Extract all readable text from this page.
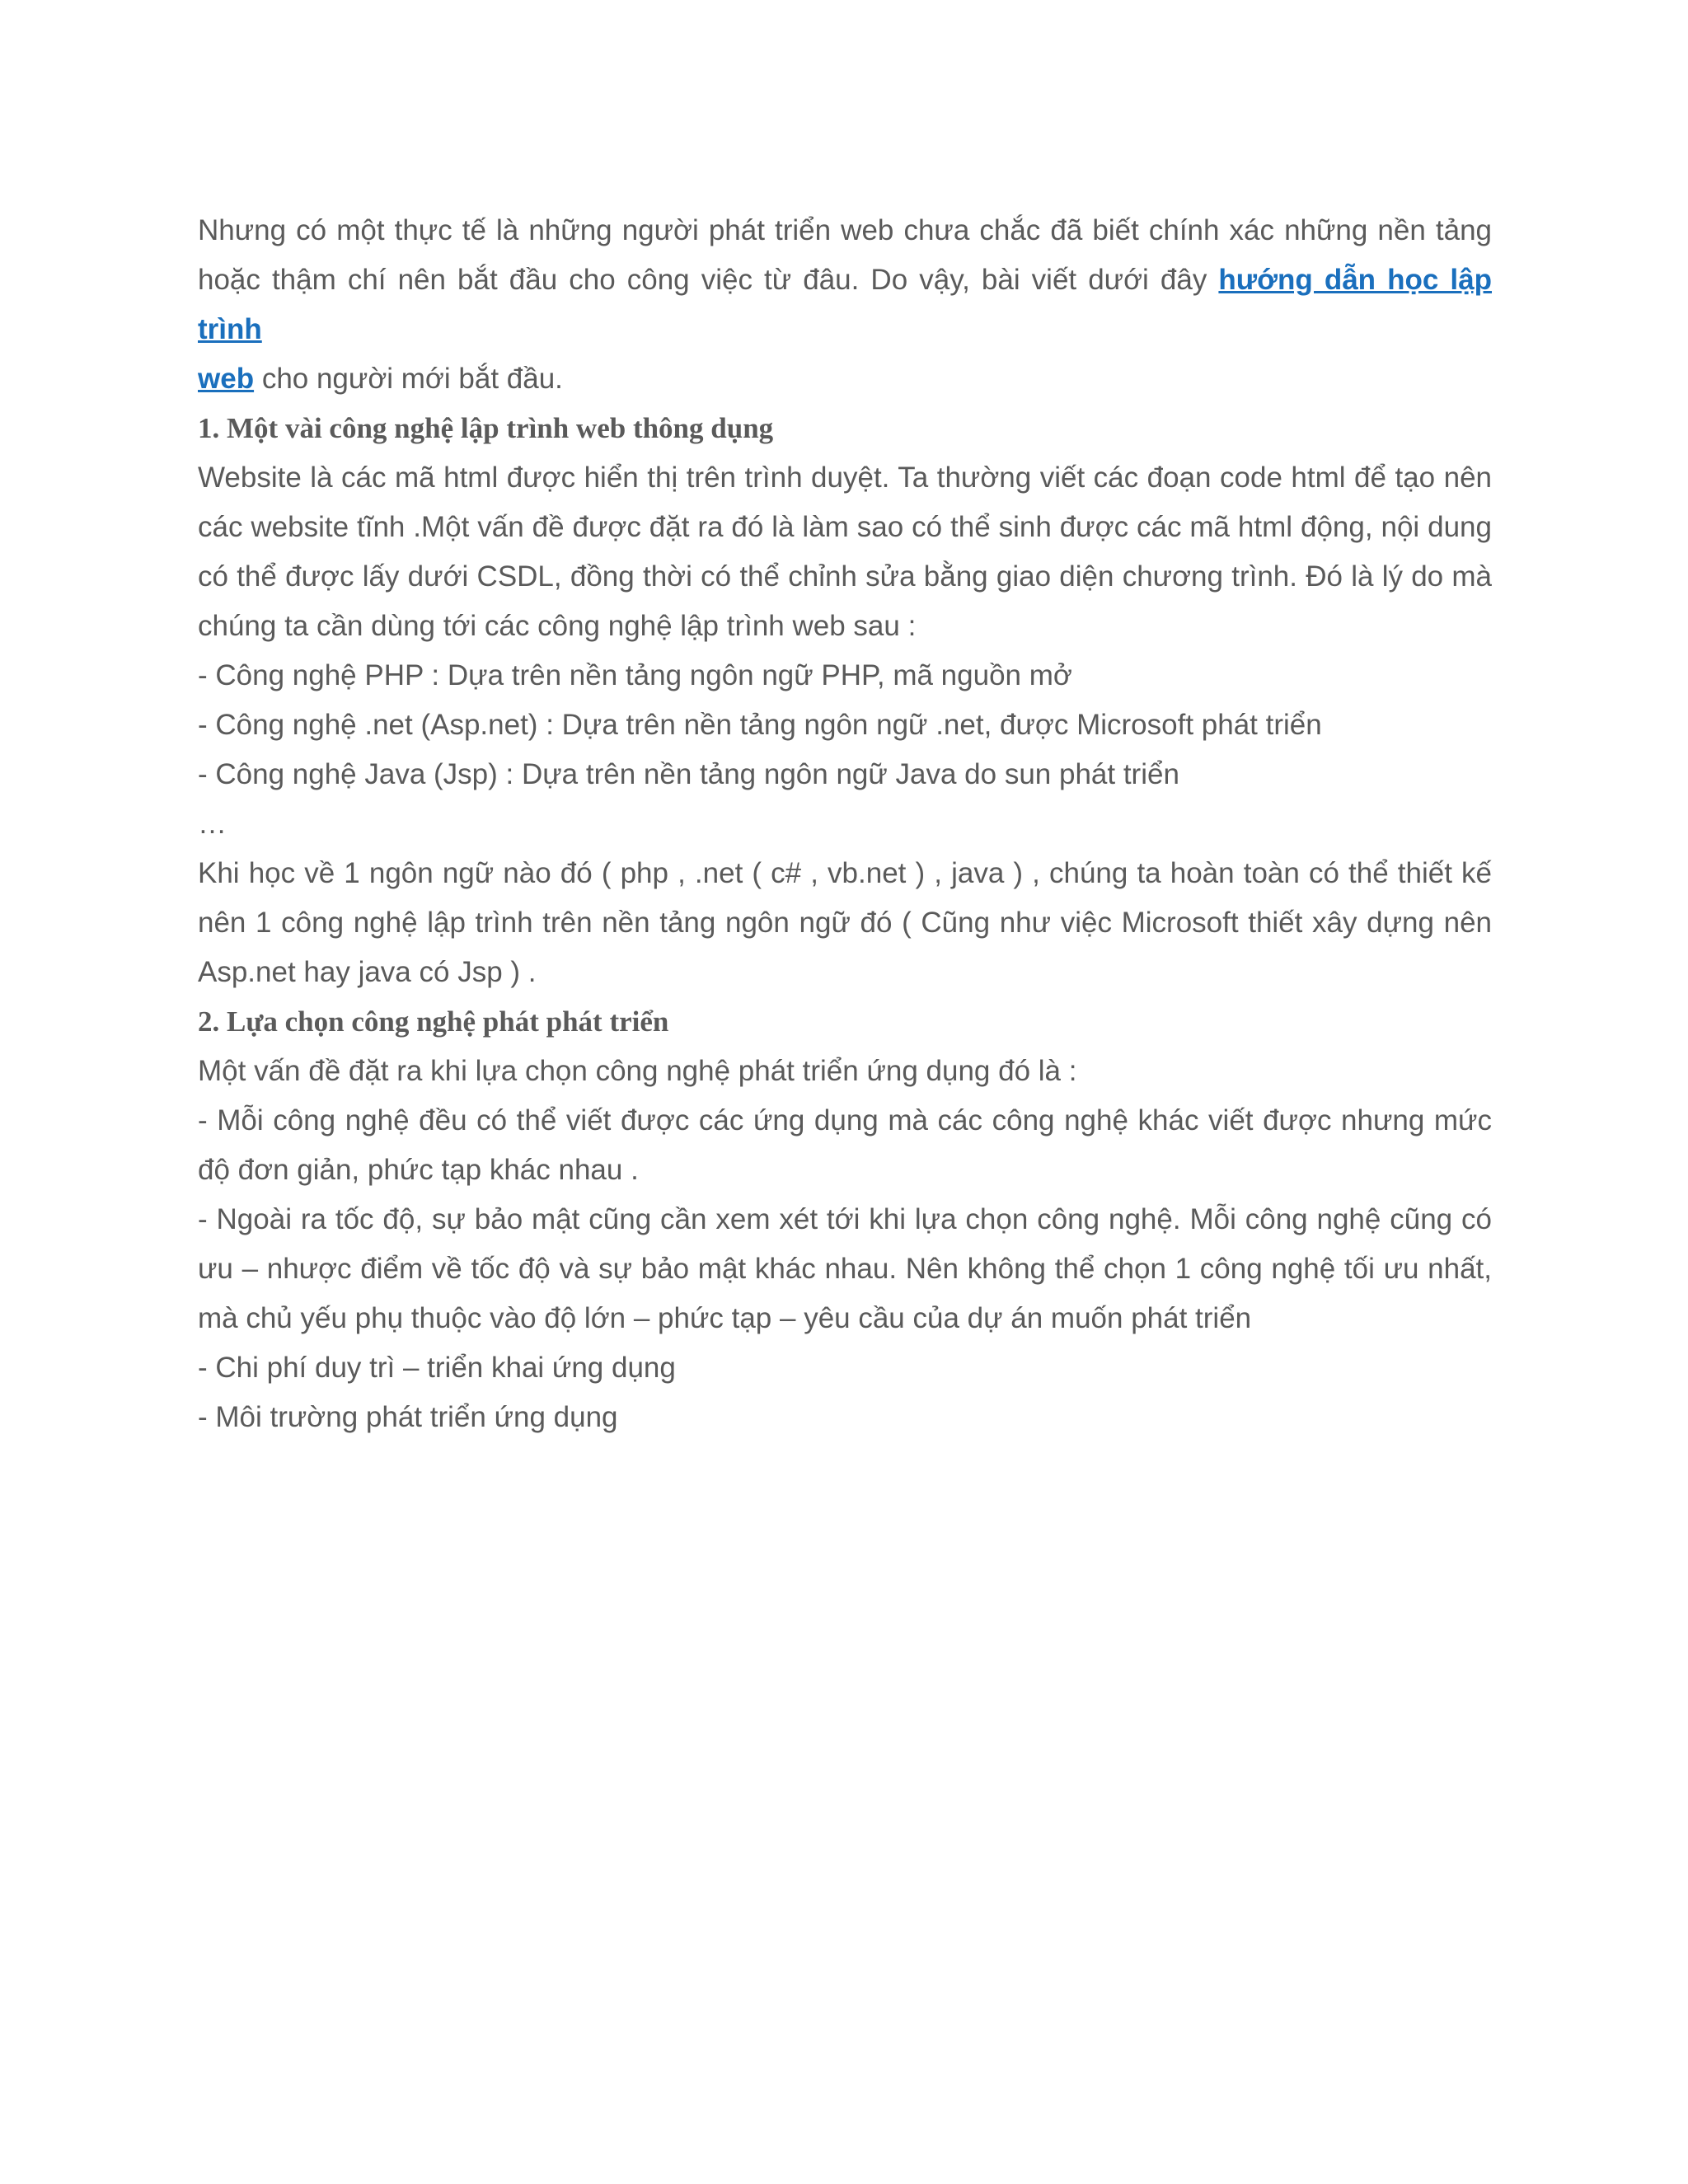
Nhưng có một thực tế là những người phát triển web chưa chắc đã biết chính xác những nền tảng
hoặc thậm chí nên bắt đầu cho công việc từ đâu. Do vậy, bài viết dưới đây hướng dẫn học lập trình
web cho người mới bắt đầu.
1. Một vài công nghệ lập trình web thông dụng
Website là các mã html được hiển thị trên trình duyệt. Ta thường viết các đoạn code html để tạo nên
các website tĩnh .Một vấn đề được đặt ra đó là làm sao có thể sinh được các mã html động, nội dung
có thể được lấy dưới CSDL, đồng thời có thể chỉnh sửa bằng giao diện chương trình. Đó là lý do mà
chúng ta cần dùng tới các công nghệ lập trình web sau :
- Công nghệ PHP : Dựa trên nền tảng ngôn ngữ PHP, mã nguồn mở
- Công nghệ .net (Asp.net) : Dựa trên nền tảng ngôn ngữ .net, được Microsoft phát triển
- Công nghệ Java (Jsp) : Dựa trên nền tảng ngôn ngữ Java do sun phát triển
…
Khi học về 1 ngôn ngữ nào đó ( php , .net ( c# , vb.net ) , java ) , chúng ta hoàn toàn có thể thiết kế
nên 1 công nghệ lập trình trên nền tảng ngôn ngữ đó ( Cũng như việc Microsoft thiết xây dựng nên
Asp.net hay java có Jsp ) .
2. Lựa chọn công nghệ phát phát triển
Một vấn đề đặt ra khi lựa chọn công nghệ phát triển ứng dụng đó là :
- Mỗi công nghệ đều có thể viết được các ứng dụng mà các công nghệ khác viết được nhưng mức
độ đơn giản, phức tạp khác nhau .
- Ngoài ra tốc độ, sự bảo mật cũng cần xem xét tới khi lựa chọn công nghệ. Mỗi công nghệ cũng có
ưu – nhược điểm về tốc độ và sự bảo mật khác nhau. Nên không thể chọn 1 công nghệ tối ưu nhất,
mà chủ yếu phụ thuộc vào độ lớn – phức tạp – yêu cầu của dự án muốn phát triển
- Chi phí duy trì – triển khai ứng dụng
- Môi trường phát triển ứng dụng
